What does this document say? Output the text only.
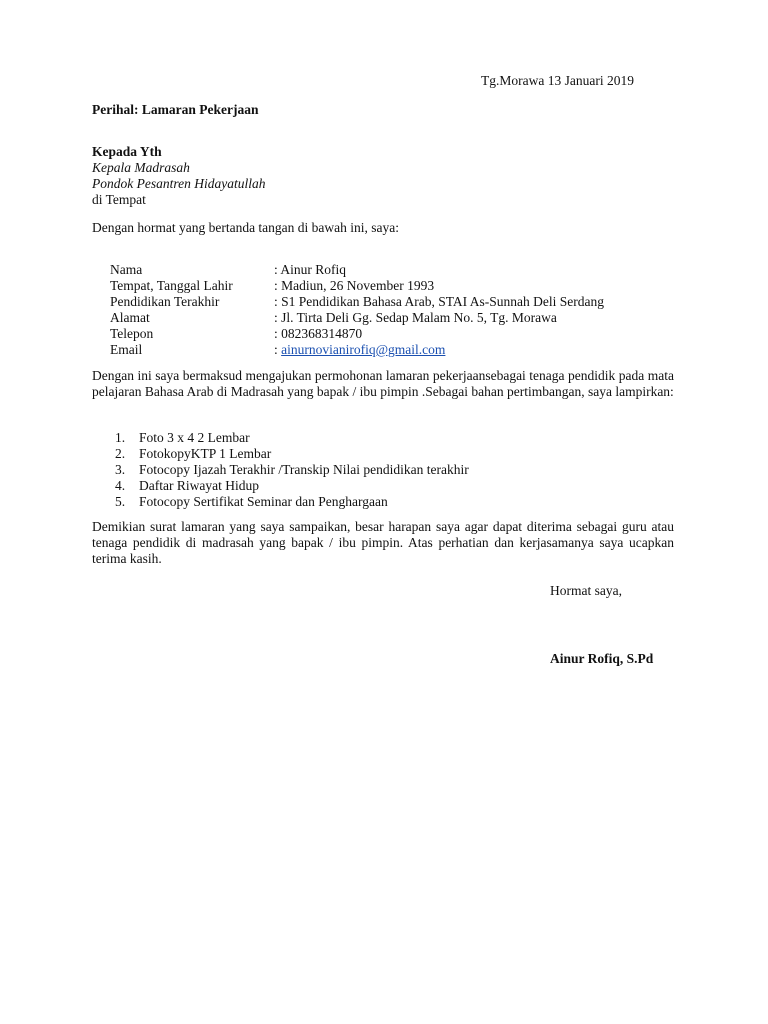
Tg.Morawa 13 Januari 2019
Perihal: Lamaran Pekerjaan
Kepada Yth
Kepala Madrasah
Pondok Pesantren Hidayatullah
di Tempat
Dengan hormat yang bertanda tangan di bawah ini, saya:
Nama	: Ainur Rofiq
Tempat, Tanggal Lahir	: Madiun, 26 November 1993
Pendidikan Terakhir	: S1 Pendidikan Bahasa Arab, STAI As-Sunnah Deli Serdang
Alamat	: Jl. Tirta Deli Gg. Sedap Malam No. 5, Tg. Morawa
Telepon	: 082368314870
Email	: ainurnovianirofiq@gmail.com
Dengan ini saya bermaksud mengajukan permohonan lamaran pekerjaansebagai tenaga pendidik pada mata pelajaran Bahasa Arab di Madrasah yang bapak / ibu pimpin .Sebagai bahan pertimbangan, saya lampirkan:
1. Foto 3 x 4 2 Lembar
2. FotokopyKTP 1 Lembar
3. Fotocopy Ijazah Terakhir /Transkip Nilai pendidikan terakhir
4. Daftar Riwayat Hidup
5. Fotocopy Sertifikat Seminar dan Penghargaan
Demikian surat lamaran yang saya sampaikan, besar harapan saya agar dapat diterima sebagai guru atau tenaga pendidik di madrasah yang bapak / ibu pimpin. Atas perhatian dan kerjasamanya saya ucapkan terima kasih.
Hormat saya,
Ainur Rofiq, S.Pd
